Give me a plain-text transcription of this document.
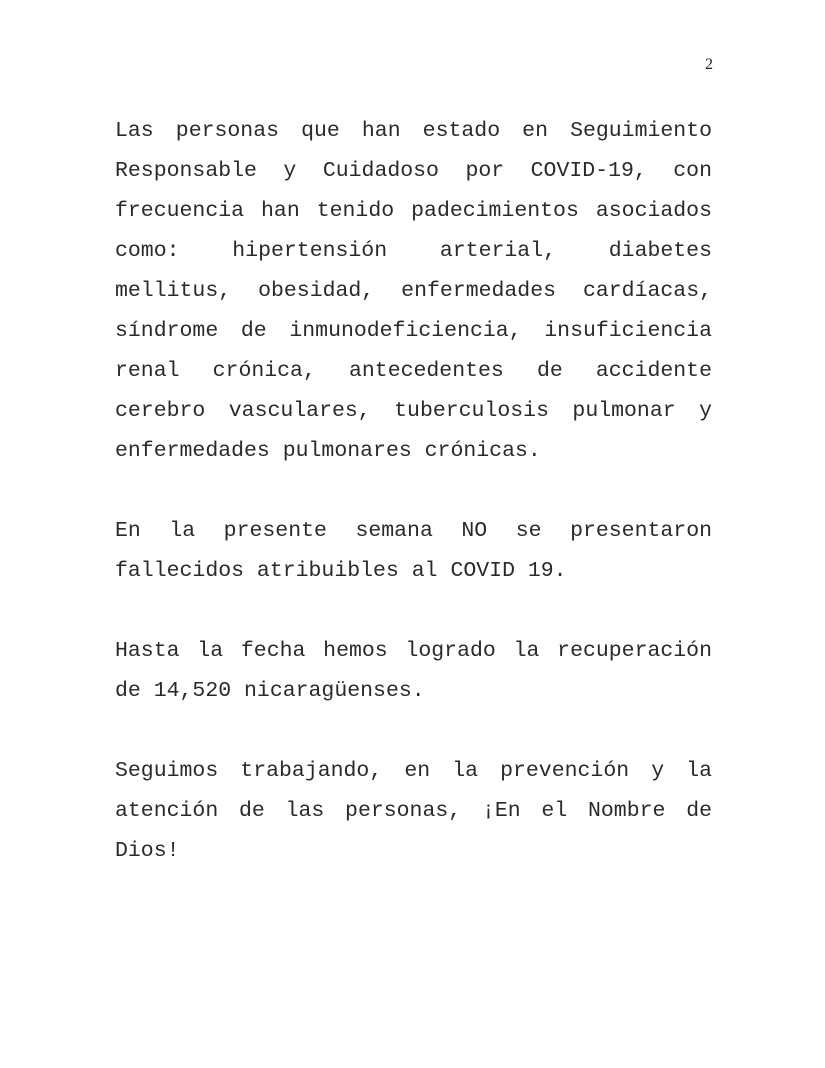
2

Las personas que han estado en Seguimiento Responsable y Cuidadoso por COVID-19, con frecuencia han tenido padecimientos asociados como: hipertensión arterial, diabetes mellitus, obesidad, enfermedades cardíacas, síndrome de inmunodeficiencia, insuficiencia renal crónica, antecedentes de accidente cerebro vasculares, tuberculosis pulmonar y enfermedades pulmonares crónicas.

En la presente semana NO se presentaron fallecidos atribuibles al COVID 19.

Hasta la fecha hemos logrado la recuperación de 14,520 nicaragüenses.

Seguimos trabajando, en la prevención y la atención de las personas, ¡En el Nombre de Dios!
